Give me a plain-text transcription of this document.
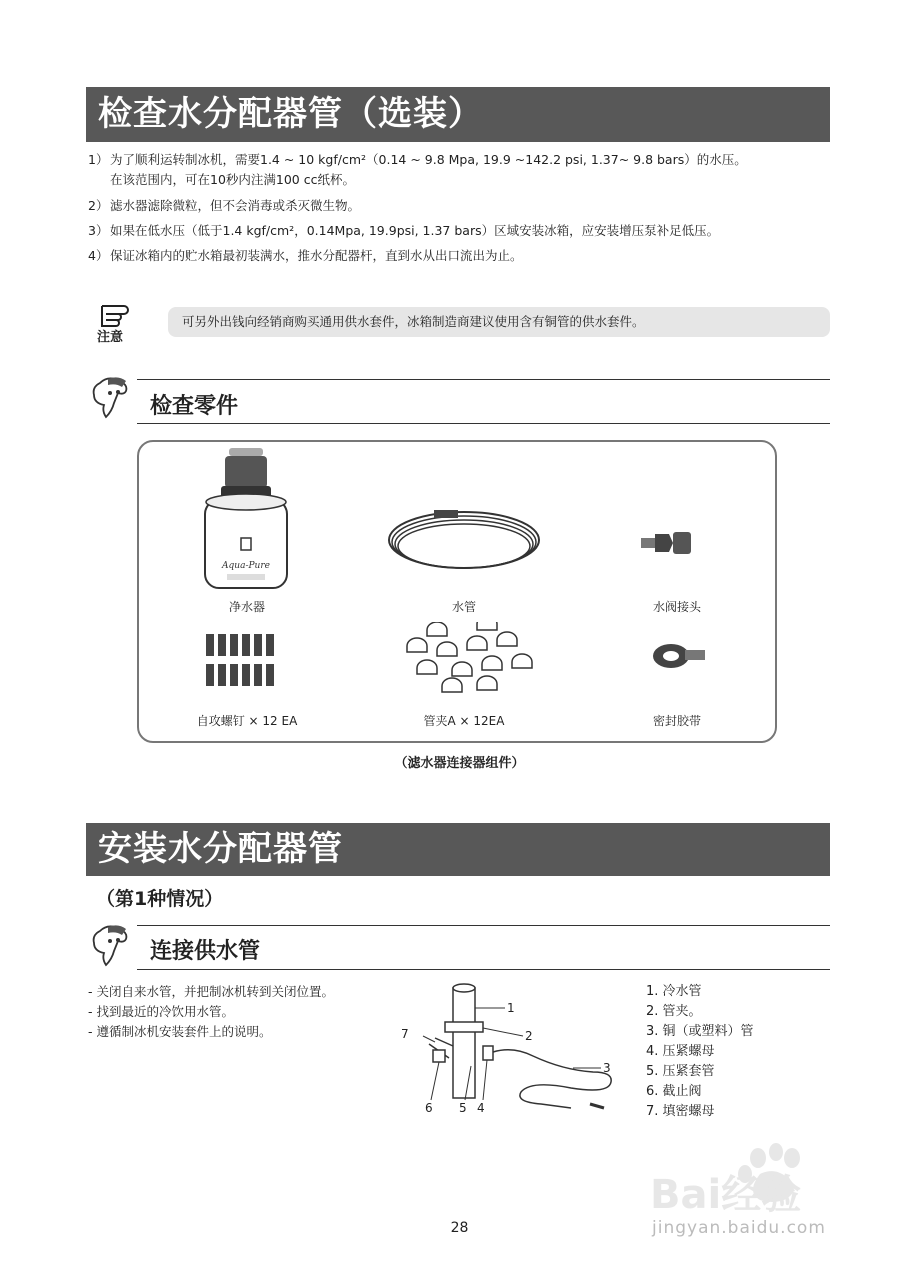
检查水分配器管（选装）
1） 为了顺利运转制冰机，需要1.4 ~ 10 kgf/cm²（0.14 ~ 9.8 Mpa, 19.9 ~142.2 psi, 1.37~ 9.8 bars）的水压。
在该范围内，可在10秒内注满100 cc纸杯。
2） 滤水器滤除微粒，但不会消毒或杀灭微生物。
3） 如果在低水压（低于1.4 kgf/cm²，0.14Mpa, 19.9psi, 1.37 bars）区域安装冰箱，应安装增压泵补足低压。
4） 保证冰箱内的贮水箱最初装满水，推水分配器杆，直到水从出口流出为止。
注意
可另外出钱向经销商购买通用供水套件，冰箱制造商建议使用含有铜管的供水套件。
检查零件
Aqua-Pure
净水器	水管	水阀接头
自攻螺钉 × 12 EA	管夹A × 12EA	密封胶带
（滤水器连接器组件）
安装水分配器管
（第1种情况）
连接供水管
- 关闭自来水管，并把制冰机转到关闭位置。
- 找到最近的冷饮用水管。
- 遵循制冰机安装套件上的说明。
1
2
3
4
5
6
7
1. 冷水管
2. 管夹。
3. 铜（或塑料）管
4. 压紧螺母
5. 压紧套管
6. 截止阀
7. 填密螺母
28
Bai经验
jingyan.baidu.com
